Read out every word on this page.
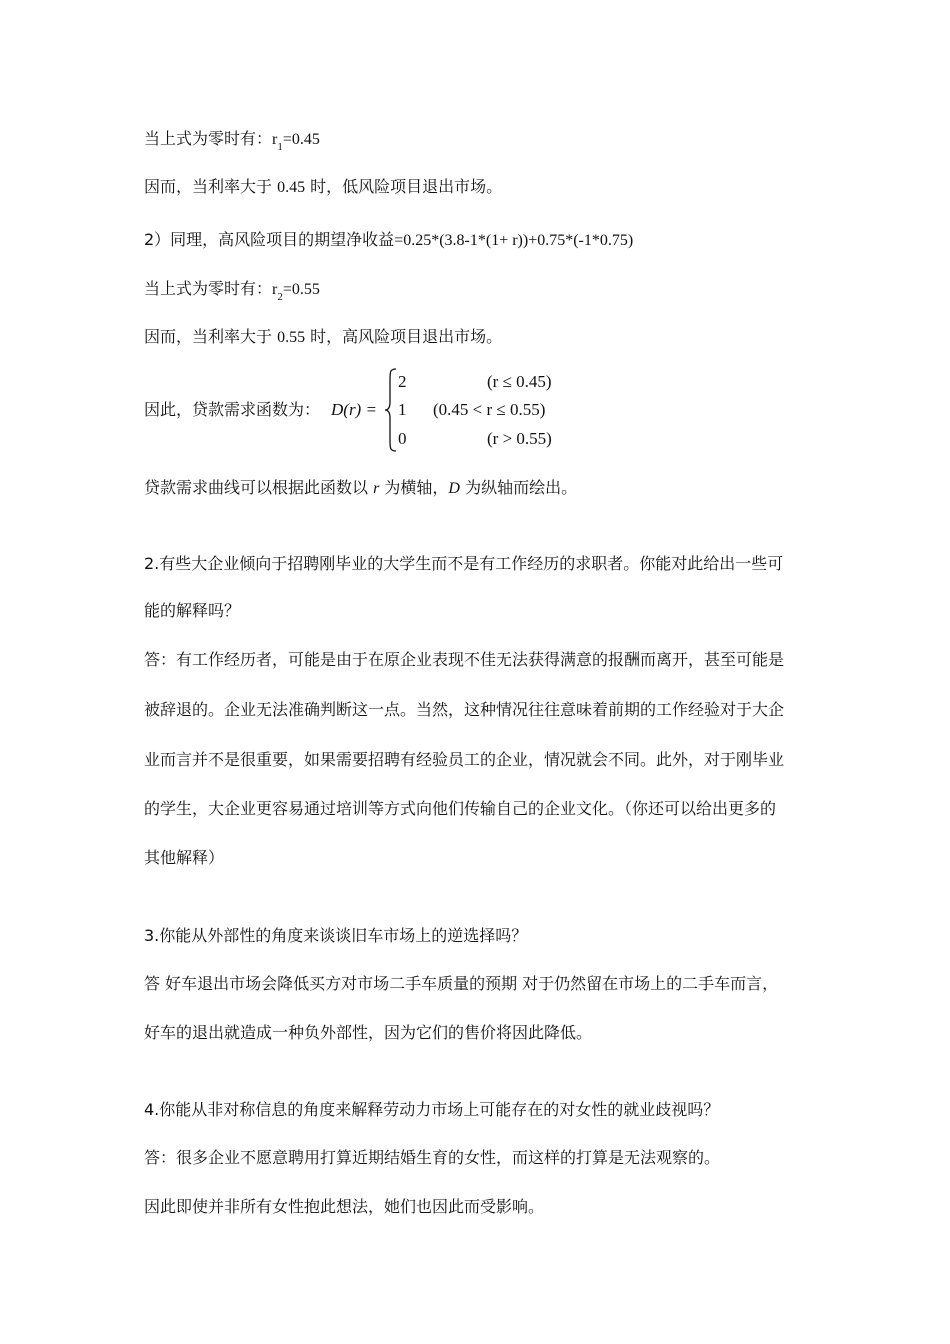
当上式为零时有：$r_1=0.45$
因而，当利率大于 0.45 时，低风险项目退出市场。
2）同理，高风险项目的期望净收益=0.25*(3.8-1*(1+ r))+0.75*(-1*0.75)
当上式为零时有：$r_2=0.55$
因而，当利率大于 0.55 时，高风险项目退出市场。
因此，贷款需求函数为： D(r) =
2	(r ≤ 0.45)
1 (0.45 < r ≤ 0.55)
0	(r > 0.55)
贷款需求曲线可以根据此函数以 r 为横轴，D 为纵轴而绘出。
2.有些大企业倾向于招聘刚毕业的大学生而不是有工作经历的求职者。你能对此给出一些可
能的解释吗？
答：有工作经历者，可能是由于在原企业表现不佳无法获得满意的报酬而离开，甚至可能是
被辞退的。企业无法准确判断这一点。当然，这种情况往往意味着前期的工作经验对于大企
业而言并不是很重要，如果需要招聘有经验员工的企业，情况就会不同。此外，对于刚毕业
的学生，大企业更容易通过培训等方式向他们传输自己的企业文化。（你还可以给出更多的
其他解释）
3.你能从外部性的角度来谈谈旧车市场上的逆选择吗？
答 好车退出市场会降低买方对市场二手车质量的预期 对于仍然留在市场上的二手车而言，
好车的退出就造成一种负外部性，因为它们的售价将因此降低。
4.你能从非对称信息的角度来解释劳动力市场上可能存在的对女性的就业歧视吗？
答：很多企业不愿意聘用打算近期结婚生育的女性，而这样的打算是无法观察的。
因此即使并非所有女性抱此想法，她们也因此而受影响。
